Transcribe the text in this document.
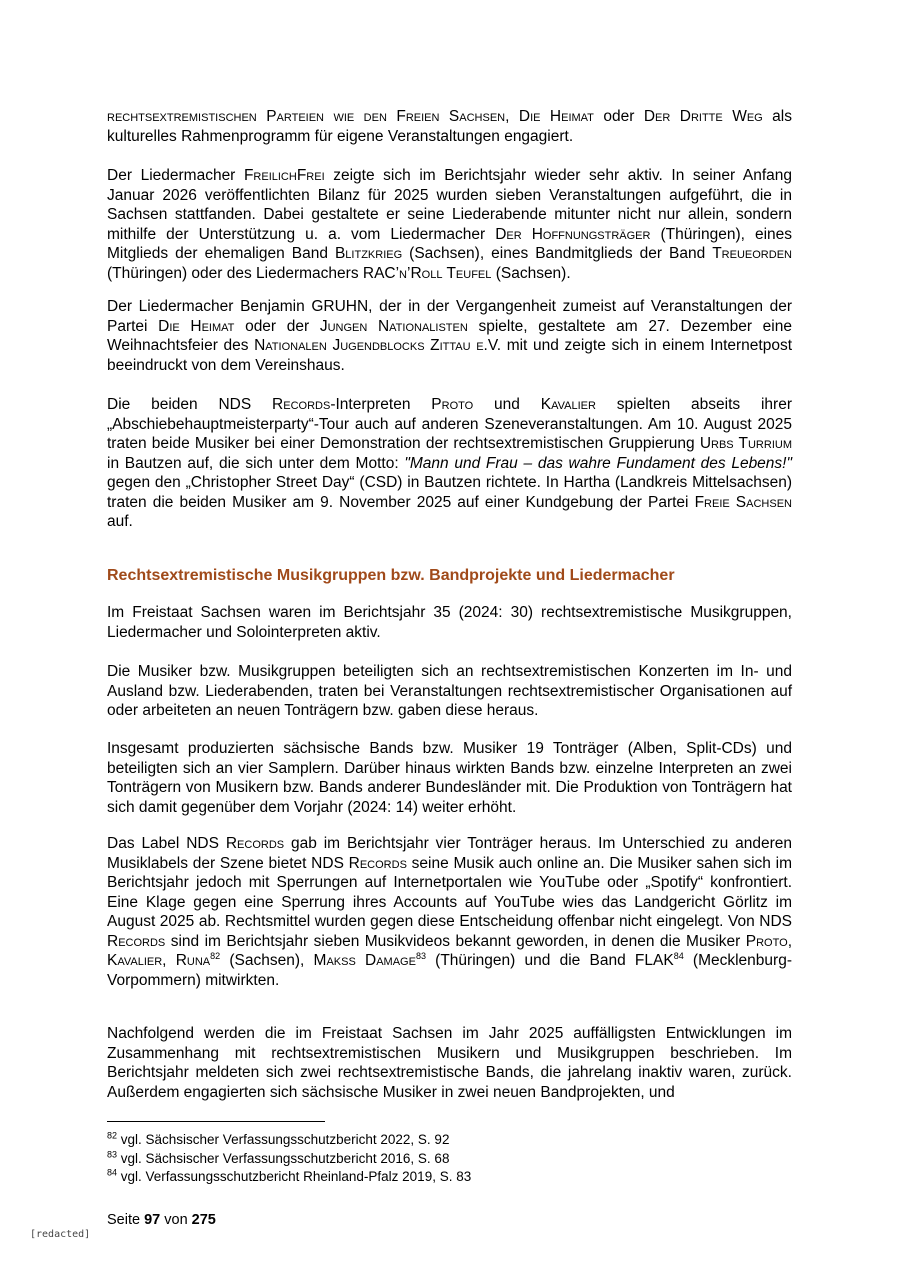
rechtsextremistischen Parteien wie den Freien Sachsen, Die Heimat oder Der Dritte Weg als kulturelles Rahmenprogramm für eigene Veranstaltungen engagiert.

Der Liedermacher FreilichFrei zeigte sich im Berichtsjahr wieder sehr aktiv. In seiner Anfang Januar 2026 veröffentlichten Bilanz für 2025 wurden sieben Veranstaltungen aufgeführt, die in Sachsen stattfanden. Dabei gestaltete er seine Liederabende mitunter nicht nur allein, sondern mithilfe der Unterstützung u. a. vom Liedermacher Der Hoffnungsträger (Thüringen), eines Mitglieds der ehemaligen Band Blitzkrieg (Sachsen), eines Bandmitglieds der Band Treueorden (Thüringen) oder des Liedermachers RAC’n’Roll Teufel (Sachsen).

Der Liedermacher Benjamin GRUHN, der in der Vergangenheit zumeist auf Veranstaltungen der Partei Die Heimat oder der Jungen Nationalisten spielte, gestaltete am 27. Dezember eine Weihnachtsfeier des Nationalen Jugendblocks Zittau e.V. mit und zeigte sich in einem Internetpost beeindruckt von dem Vereinshaus.

Die beiden NDS Records-Interpreten Proto und Kavalier spielten abseits ihrer „Abschiebehauptmeisterparty“-Tour auch auf anderen Szeneveranstaltungen. Am 10. August 2025 traten beide Musiker bei einer Demonstration der rechtsextremistischen Gruppierung Urbs Turrium in Bautzen auf, die sich unter dem Motto: "Mann und Frau – das wahre Fundament des Lebens!" gegen den „Christopher Street Day“ (CSD) in Bautzen richtete. In Hartha (Landkreis Mittelsachsen) traten die beiden Musiker am 9. November 2025 auf einer Kundgebung der Partei Freie Sachsen auf.

Rechtsextremistische Musikgruppen bzw. Bandprojekte und Liedermacher

Im Freistaat Sachsen waren im Berichtsjahr 35 (2024: 30) rechtsextremistische Musikgruppen, Liedermacher und Solointerpreten aktiv.

Die Musiker bzw. Musikgruppen beteiligten sich an rechtsextremistischen Konzerten im In- und Ausland bzw. Liederabenden, traten bei Veranstaltungen rechtsextremistischer Organisationen auf oder arbeiteten an neuen Tonträgern bzw. gaben diese heraus.

Insgesamt produzierten sächsische Bands bzw. Musiker 19 Tonträger (Alben, Split-CDs) und beteiligten sich an vier Samplern. Darüber hinaus wirkten Bands bzw. einzelne Interpreten an zwei Tonträgern von Musikern bzw. Bands anderer Bundesländer mit. Die Produktion von Tonträgern hat sich damit gegenüber dem Vorjahr (2024: 14) weiter erhöht.

Das Label NDS Records gab im Berichtsjahr vier Tonträger heraus. Im Unterschied zu anderen Musiklabels der Szene bietet NDS Records seine Musik auch online an. Die Musiker sahen sich im Berichtsjahr jedoch mit Sperrungen auf Internetportalen wie YouTube oder „Spotify“ konfrontiert. Eine Klage gegen eine Sperrung ihres Accounts auf YouTube wies das Landgericht Görlitz im August 2025 ab. Rechtsmittel wurden gegen diese Entscheidung offenbar nicht eingelegt. Von NDS Records sind im Berichtsjahr sieben Musikvideos bekannt geworden, in denen die Musiker Proto, Kavalier, Runa$^{82}$ (Sachsen), Makss Damage$^{83}$ (Thüringen) und die Band FLAK$^{84}$ (Mecklenburg-Vorpommern) mitwirkten.

Nachfolgend werden die im Freistaat Sachsen im Jahr 2025 auffälligsten Entwicklungen im Zusammenhang mit rechtsextremistischen Musikern und Musikgruppen beschrieben. Im Berichtsjahr meldeten sich zwei rechtsextremistische Bands, die jahrelang inaktiv waren, zurück. Außerdem engagierten sich sächsische Musiker in zwei neuen Bandprojekten, und

$^{82}$ vgl. Sächsischer Verfassungsschutzbericht 2022, S. 92
$^{83}$ vgl. Sächsischer Verfassungsschutzbericht 2016, S. 68
$^{84}$ vgl. Verfassungsschutzbericht Rheinland-Pfalz 2019, S. 83
Seite 97 von 275
[redacted]
